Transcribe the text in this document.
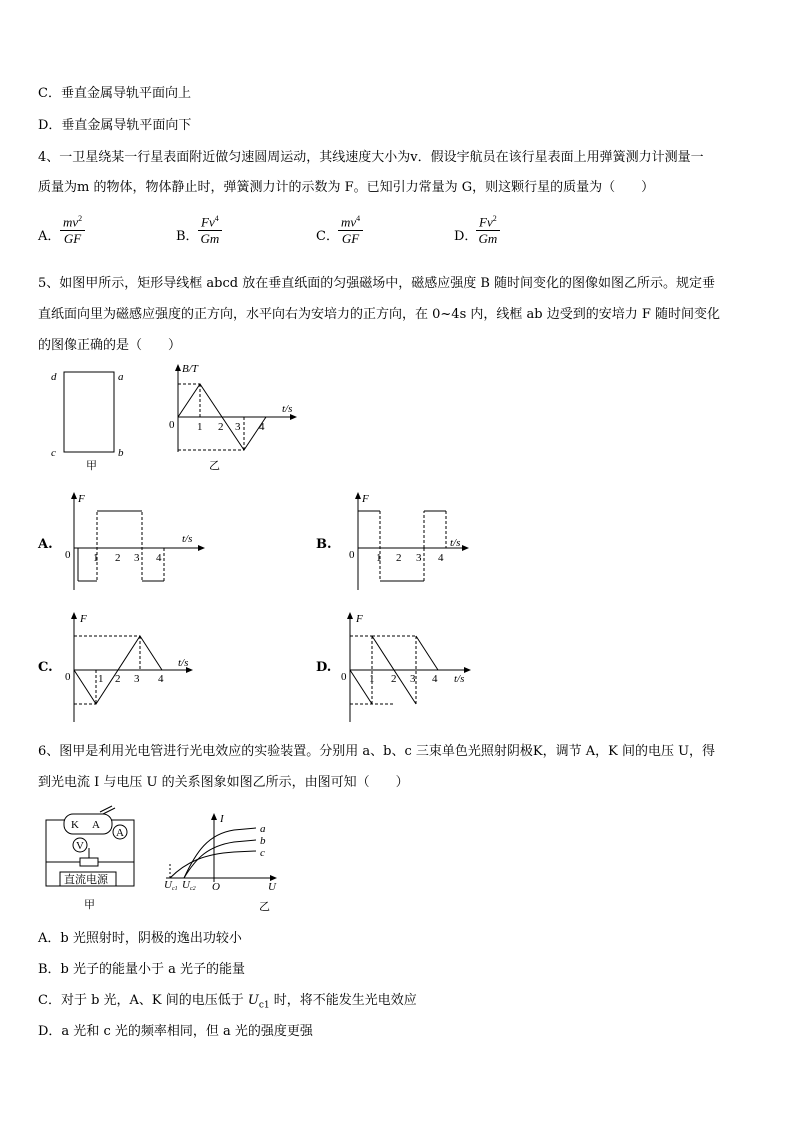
C．垂直金属导轨平面向上
D．垂直金属导轨平面向下
4、一卫星绕某一行星表面附近做匀速圆周运动，其线速度大小为v．假设宇航员在该行星表面上用弹簧测力计测量一
质量为m 的物体，物体静止时，弹簧测力计的示数为 F。已知引力常量为 G，则这颗行星的质量为（　　）
A． $\frac{mv^2}{GF}$	B． $\frac{Fv^4}{Gm}$	C． $\frac{mv^4}{GF}$	D．
$\frac{Fv^2}{Gm}$
5、如图甲所示，矩形导线框 abcd 放在垂直纸面的匀强磁场中，磁感应强度 B 随时间变化的图像如图乙所示。规定垂
直纸面向里为磁感应强度的正方向，水平向右为安培力的正方向，在 0~4s 内，线框 ab 边受到的安培力 F 随时间变化
的图像正确的是（　　）
d	a
c	b
甲
B/T
t/s
0 1 2 3 4
乙
A.
F
t/s
0 1 2 3 4
B.
F
t/s
0 1 2 3 4
C.
F
t/s
0	1 2 3 4
D.
F
t/s
0 1 2 3 4
6、图甲是利用光电管进行光电效应的实验装置。分别用 a、b、c 三束单色光照射阴极K，调节 A，K 间的电压 U，得
到光电流 I 与电压 U 的关系图象如图乙所示，由图可知（　　）
K A
A
V
直流电源
甲
I
U
O
a
b
c
Uc1 Uc2
乙
A．b 光照射时，阴极的逸出功较小
B．b 光子的能量小于 a 光子的能量
C．对于 b 光，A、K 间的电压低于 $U_{c1}$ 时，将不能发生光电效应
D．a 光和 c 光的频率相同，但 a 光的强度更强
